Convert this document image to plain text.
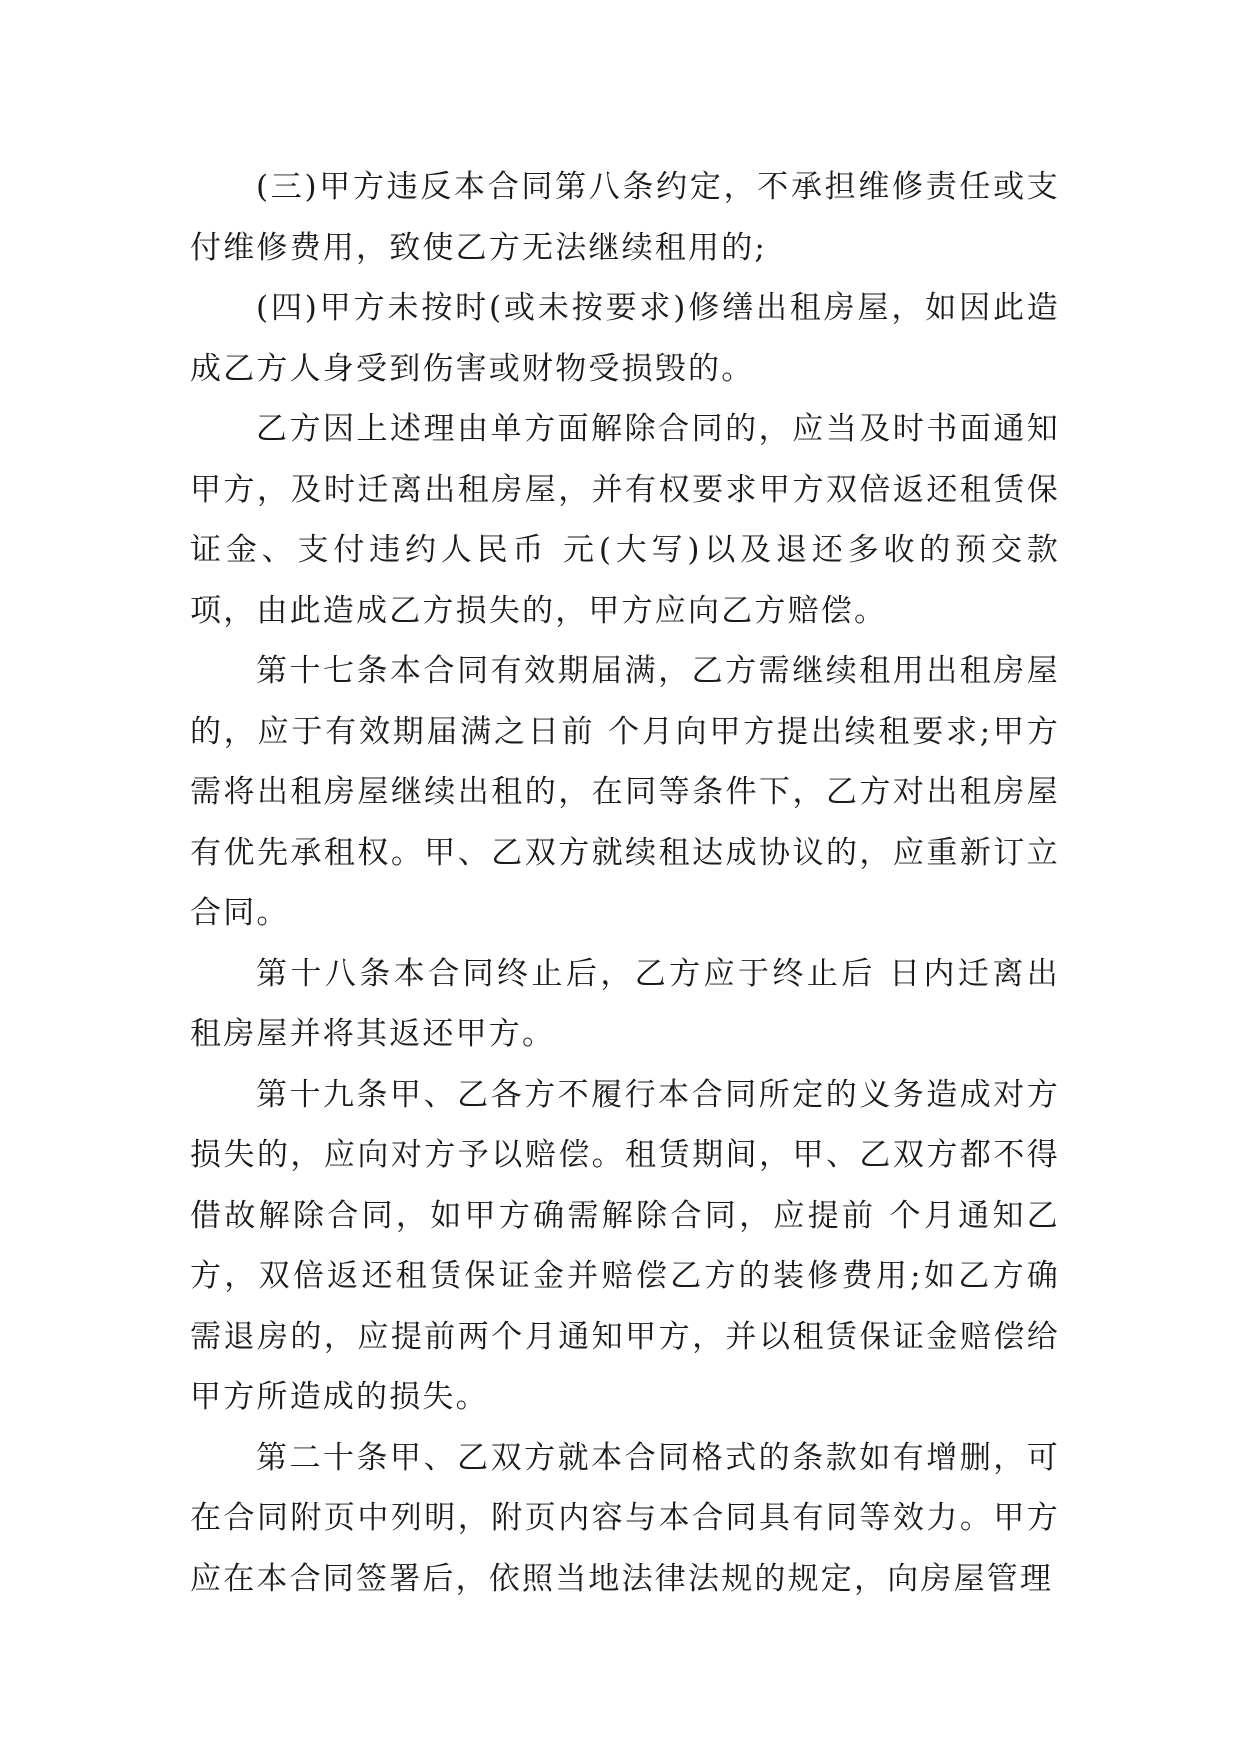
(三)甲方违反本合同第八条约定，不承担维修责任或支付维修费用，致使乙方无法继续租用的;

(四)甲方未按时(或未按要求)修缮出租房屋，如因此造成乙方人身受到伤害或财物受损毁的。

乙方因上述理由单方面解除合同的，应当及时书面通知甲方，及时迁离出租房屋，并有权要求甲方双倍返还租赁保证金、支付违约人民币 元(大写)以及退还多收的预交款项，由此造成乙方损失的，甲方应向乙方赔偿。

第十七条本合同有效期届满，乙方需继续租用出租房屋的，应于有效期届满之日前 个月向甲方提出续租要求;甲方需将出租房屋继续出租的，在同等条件下，乙方对出租房屋有优先承租权。甲、乙双方就续租达成协议的，应重新订立合同。

第十八条本合同终止后，乙方应于终止后 日内迁离出租房屋并将其返还甲方。

第十九条甲、乙各方不履行本合同所定的义务造成对方损失的，应向对方予以赔偿。租赁期间，甲、乙双方都不得借故解除合同，如甲方确需解除合同，应提前 个月通知乙方，双倍返还租赁保证金并赔偿乙方的装修费用;如乙方确需退房的，应提前两个月通知甲方，并以租赁保证金赔偿给甲方所造成的损失。

第二十条甲、乙双方就本合同格式的条款如有增删，可在合同附页中列明，附页内容与本合同具有同等效力。甲方应在本合同签署后，依照当地法律法规的规定，向房屋管理
